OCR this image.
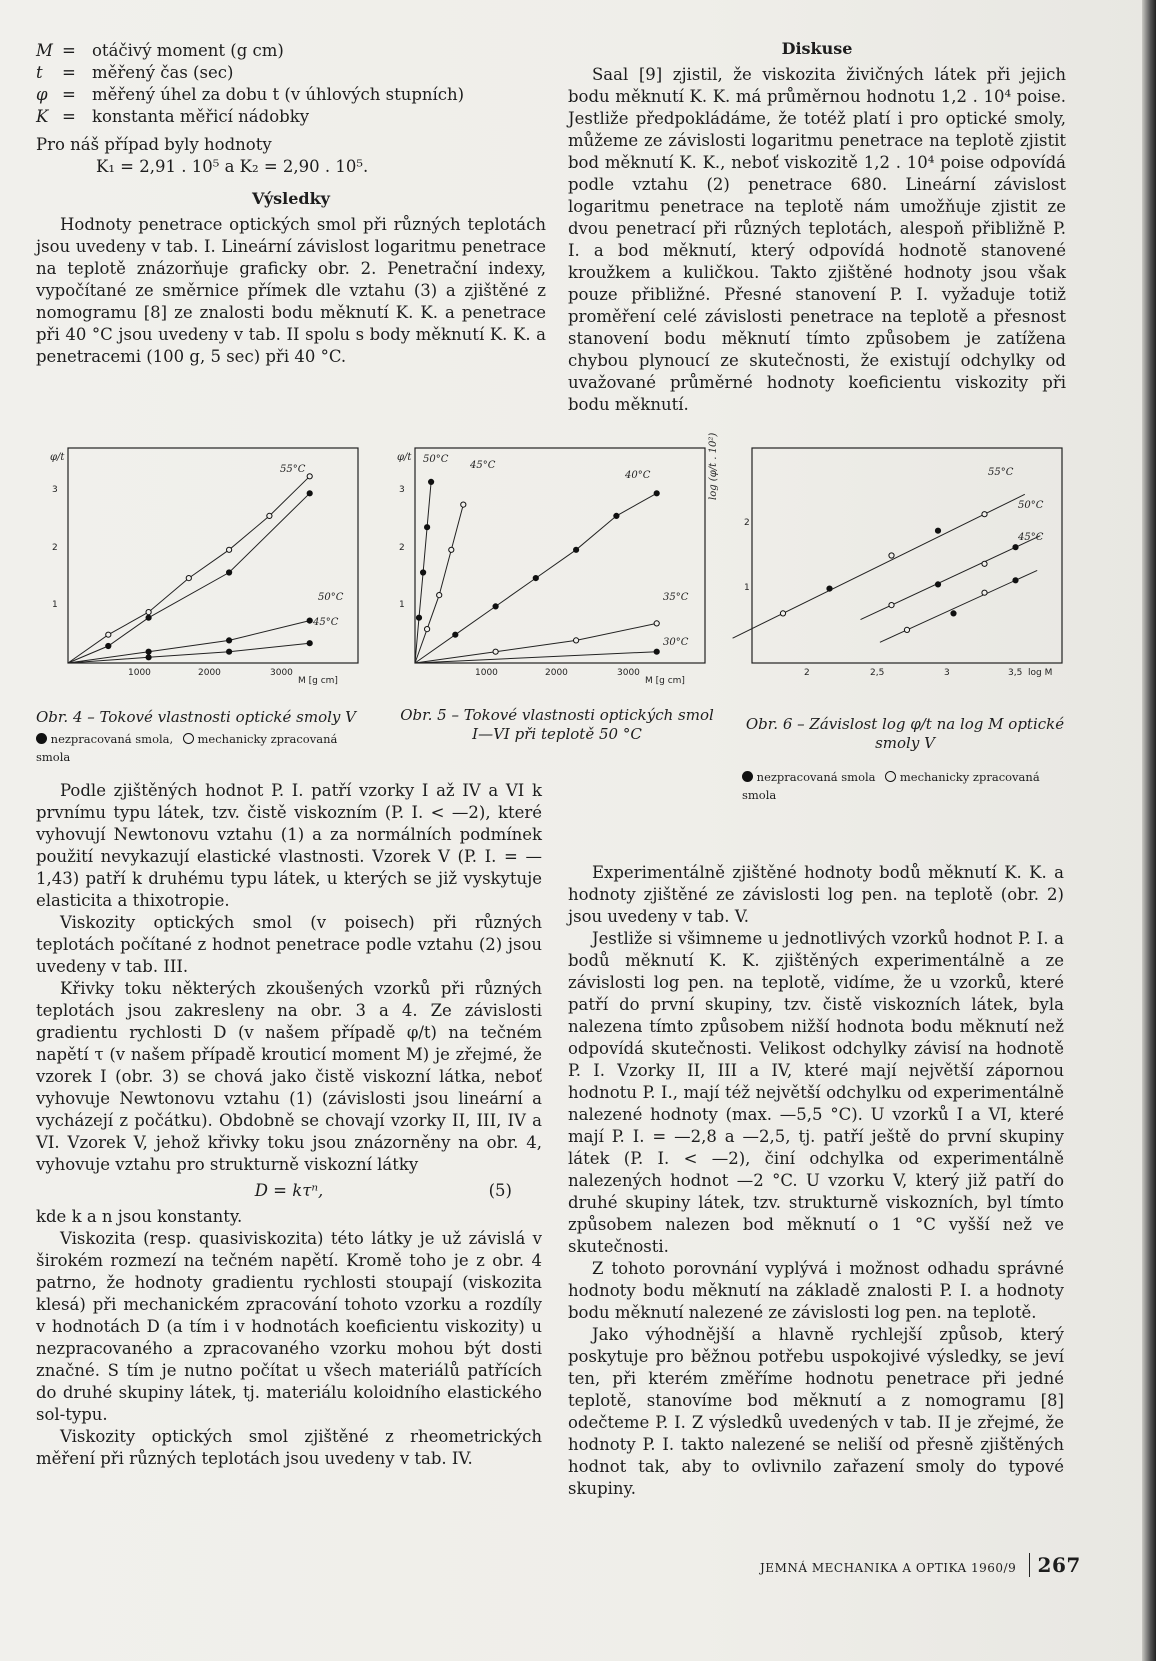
M = otáčivý moment (g cm)
t	= měřený čas (sec)
φ = měřený úhel za dobu t (v úhlových stupních)
K = konstanta měřicí nádobky

Pro náš případ byly hodnoty

K₁ = 2,91 . 10⁵ a K₂ = 2,90 . 10⁵.

Výsledky

Hodnoty penetrace optických smol při různých teplotách jsou uvedeny v tab. I. Lineární závislost logaritmu penetrace na teplotě znázorňuje graficky obr. 2. Penetrační indexy, vypočítané ze směrnice přímek dle vztahu (3) a zjištěné z nomogramu [8] ze znalosti bodu měknutí K. K. a penetrace při 40 °C jsou uvedeny v tab. II spolu s body měknutí K. K. a penetracemi (100 g, 5 sec) při 40 °C.

Diskuse

Saal [9] zjistil, že viskozita živičných látek při jejich bodu měknutí K. K. má průměrnou hodnotu 1,2 . 10⁴ poise. Jestliže předpokládáme, že totéž platí i pro optické smoly, můžeme ze závislosti logaritmu penetrace na teplotě zjistit bod měknutí K. K., neboť viskozitě 1,2 . 10⁴ poise odpovídá podle vztahu (2) penetrace 680. Lineární závislost logaritmu penetrace na teplotě nám umožňuje zjistit ze dvou penetrací při různých teplotách, alespoň přibližně P. I. a bod měknutí, který odpovídá hodnotě stanovené kroužkem a kuličkou. Takto zjištěné hodnoty jsou však pouze přibližné. Přesné stanovení P. I. vyžaduje totiž proměření celé závislosti penetrace na teplotě a přesnost stanovení bodu měknutí tímto způsobem je zatížena chybou plynoucí ze skutečnosti, že existují odchylky od uvažované průměrné hodnoty koeficientu viskozity při bodu měknutí.

φ/t
M [g cm]
1
2
3
1000	2000	3000
55°C
50°C
45°C
φ/t
M [g cm]
1
2
3
1000	2000	3000
50°C
45°C
40°C
35°C
30°C
log (φ/t . 10²)
1
2
2	2,5	3	3,5 log M
55°C
50°C
45°C
Obr. 4 – Tokové vlastnosti optické smoly V
nezpracovaná smola, mechanicky zpracovaná
smola
Obr. 5 – Tokové vlastnosti optických smol I—VI při teplotě 50 °C
Obr. 6 – Závislost log φ/t na log M optické smoly V
nezpracovaná smola mechanicky zpracovaná
smola

Podle zjištěných hodnot P. I. patří vzorky I až IV a VI k prvnímu typu látek, tzv. čistě viskozním (P. I. < —2), které vyhovují Newtonovu vztahu (1) a za normálních podmínek použití nevykazují elastické vlastnosti. Vzorek V (P. I. = —1,43) patří k druhému typu látek, u kterých se již vyskytuje elasticita a thixotropie.

Viskozity optických smol (v poisech) při různých teplotách počítané z hodnot penetrace podle vztahu (2) jsou uvedeny v tab. III.

Křivky toku některých zkoušených vzorků při různých teplotách jsou zakresleny na obr. 3 a 4. Ze závislosti gradientu rychlosti D (v našem případě φ/t) na tečném napětí τ (v našem případě krouticí moment M) je zřejmé, že vzorek I (obr. 3) se chová jako čistě viskozní látka, neboť vyhovuje Newtonovu vztahu (1) (závislosti jsou lineární a vycházejí z počátku). Obdobně se chovají vzorky II, III, IV a VI. Vzorek V, jehož křivky toku jsou znázorněny na obr. 4, vyhovuje vztahu pro strukturně viskozní látky

D = kτⁿ,	(5)

kde k a n jsou konstanty.

Viskozita (resp. quasiviskozita) této látky je už závislá v širokém rozmezí na tečném napětí. Kromě toho je z obr. 4 patrno, že hodnoty gradientu rychlosti stoupají (viskozita klesá) při mechanickém zpracování tohoto vzorku a rozdíly v hodnotách D (a tím i v hodnotách koeficientu viskozity) u nezpracovaného a zpracovaného vzorku mohou být dosti značné. S tím je nutno počítat u všech materiálů patřících do druhé skupiny látek, tj. materiálu koloidního elastického sol-typu.

Viskozity optických smol zjištěné z rheometrických měření při různých teplotách jsou uvedeny v tab. IV.

Experimentálně zjištěné hodnoty bodů měknutí K. K. a hodnoty zjištěné ze závislosti log pen. na teplotě (obr. 2) jsou uvedeny v tab. V.

Jestliže si všimneme u jednotlivých vzorků hodnot P. I. a bodů měknutí K. K. zjištěných experimentálně a ze závislosti log pen. na teplotě, vidíme, že u vzorků, které patří do první skupiny, tzv. čistě viskozních látek, byla nalezena tímto způsobem nižší hodnota bodu měknutí než odpovídá skutečnosti. Velikost odchylky závisí na hodnotě P. I. Vzorky II, III a IV, které mají největší zápornou hodnotu P. I., mají též největší odchylku od experimentálně nalezené hodnoty (max. —5,5 °C). U vzorků I a VI, které mají P. I. = —2,8 a —2,5, tj. patří ještě do první skupiny látek (P. I. < —2), činí odchylka od experimentálně nalezených hodnot —2 °C. U vzorku V, který již patří do druhé skupiny látek, tzv. strukturně viskozních, byl tímto způsobem nalezen bod měknutí o 1 °C vyšší než ve skutečnosti.

Z tohoto porovnání vyplývá i možnost odhadu správné hodnoty bodu měknutí na základě znalosti P. I. a hodnoty bodu měknutí nalezené ze závislosti log pen. na teplotě.

Jako výhodnější a hlavně rychlejší způsob, který poskytuje pro běžnou potřebu uspokojivé výsledky, se jeví ten, při kterém změříme hodnotu penetrace při jedné teplotě, stanovíme bod měknutí a z nomogramu [8] odečteme P. I. Z výsledků uvedených v tab. II je zřejmé, že hodnoty P. I. takto nalezené se neliší od přesně zjištěných hodnot tak, aby to ovlivnilo zařazení smoly do typové skupiny.

JEMNÁ MECHANIKA A OPTIKA 1960/9 267
